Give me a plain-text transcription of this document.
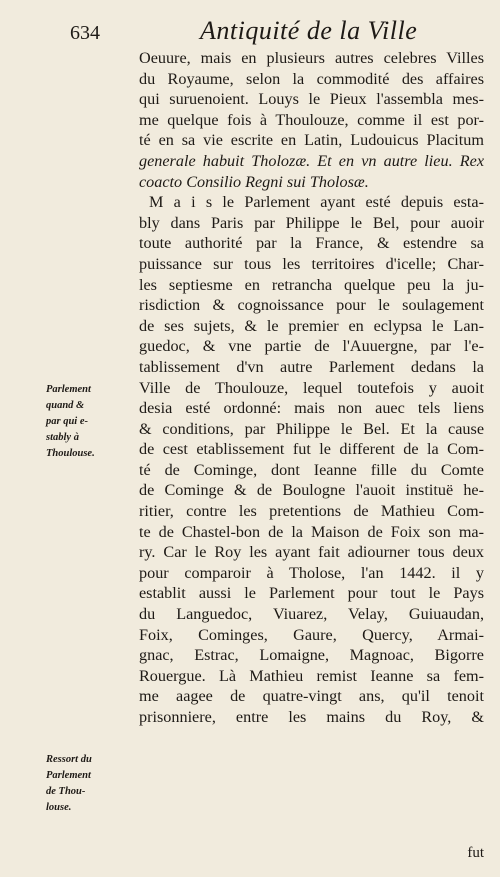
634	Antiquité de la Ville
Oeuure, mais en plusieurs autres celebres Villes
du Royaume, selon la commodité des affaires
qui suruenoient. Louys le Pieux l'assembla mes-
me quelque fois à Thoulouze, comme il est por-
té en sa vie escrite en Latin, Ludouicus Placitum
generale habuit Tholozæ. Et en vn autre lieu. Rex
coacto Consilio Regni sui Tholosæ.
M a i s le Parlement ayant esté depuis esta-
bly dans Paris par Philippe le Bel, pour auoir
toute authorité par la France, & estendre sa
puissance sur tous les territoires d'icelle; Char-
les septiesme en retrancha quelque peu la ju-
risdiction & cognoissance pour le soulagement
de ses sujets, & le premier en eclypsa le Lan-
guedoc, & vne partie de l'Auuergne, par l'e-
tablissement d'vn autre Parlement dedans la
Ville de Thoulouze, lequel toutefois y auoit
desia esté ordonné: mais non auec tels liens
& conditions, par Philippe le Bel. Et la cause
de cest etablissement fut le different de la Com-
té de Cominge, dont Ieanne fille du Comte
de Cominge & de Boulogne l'auoit instituë he-
ritier, contre les pretentions de Mathieu Com-
te de Chastel-bon de la Maison de Foix son ma-
ry. Car le Roy les ayant fait adiourner tous deux
pour comparoir à Tholose, l'an 1442. il y
establit aussi le Parlement pour tout le Pays
du Languedoc, Viuarez, Velay, Guiuaudan,
Foix, Cominges, Gaure, Quercy, Armai-
gnac, Estrac, Lomaigne, Magnoac, Bigorre
Rouergue. Là Mathieu remist Ieanne sa fem-
me aagee de quatre-vingt ans, qu'il tenoit
prisonniere, entre les mains du Roy, &
Parlement
quand &
par qui e-
stably à
Thoulouse.
Ressort du
Parlement
de Thou-
louse.
fut
